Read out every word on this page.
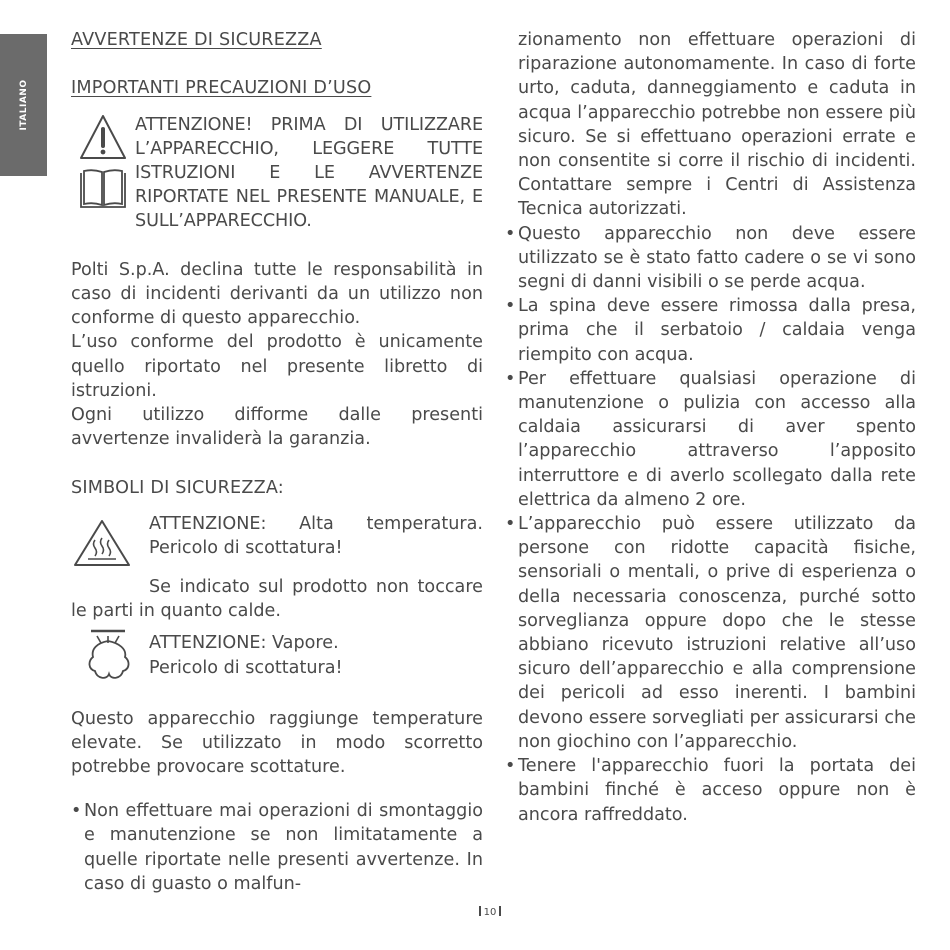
ITALIANO

AVVERTENZE DI SICUREZZA

IMPORTANTI PRECAUZIONI D’USO

ATTENZIONE! PRIMA DI UTILIZZARE L’APPARECCHIO, LEGGERE TUTTE ISTRUZIONI E LE AVVERTENZE RIPORTATE NEL PRESENTE MANUALE, E SULL’APPARECCHIO.

Polti S.p.A. declina tutte le responsabilità in caso di incidenti derivanti da un utilizzo non conforme di questo apparecchio.

L’uso conforme del prodotto è unicamente quello riportato nel presente libretto di istruzioni.

Ogni utilizzo difforme dalle presenti avvertenze invaliderà la garanzia.

SIMBOLI DI SICUREZZA:

ATTENZIONE: Alta temperatura. Pericolo di scottatura!

Se indicato sul prodotto non toccare le parti in quanto calde.

ATTENZIONE: Vapore.

Pericolo di scottatura!

Questo apparecchio raggiunge temperature elevate. Se utilizzato in modo scorretto potrebbe provocare scottature.

• Non effettuare mai operazioni di smontaggio e manutenzione se non limitatamente a quelle riportate nelle presenti avvertenze. In caso di guasto o malfun-

zionamento non effettuare operazioni di riparazione autonomamente. In caso di forte urto, caduta, danneggiamento e caduta in acqua l’apparecchio potrebbe non essere più sicuro. Se si effettuano operazioni errate e non consentite si corre il rischio di incidenti. Contattare sempre i Centri di Assistenza Tecnica autorizzati.

• Questo apparecchio non deve essere utilizzato se è stato fatto cadere o se vi sono segni di danni visibili o se perde acqua.
• La spina deve essere rimossa dalla presa, prima che il serbatoio / caldaia venga riempito con acqua.
• Per effettuare qualsiasi operazione di manutenzione o pulizia con accesso alla caldaia assicurarsi di aver spento l’apparecchio attraverso l’apposito interruttore e di averlo scollegato dalla rete elettrica da almeno 2 ore.
• L’apparecchio può essere utilizzato da persone con ridotte capacità fisiche, sensoriali o mentali, o prive di esperienza o della necessaria conoscenza, purché sotto sorveglianza oppure dopo che le stesse abbiano ricevuto istruzioni relative all’uso sicuro dell’apparecchio e alla comprensione dei pericoli ad esso inerenti. I bambini devono essere sorvegliati per assicurarsi che non giochino con l’apparecchio.
• Tenere l'apparecchio fuori la portata dei bambini finché è acceso oppure non è ancora raffreddato.
10
